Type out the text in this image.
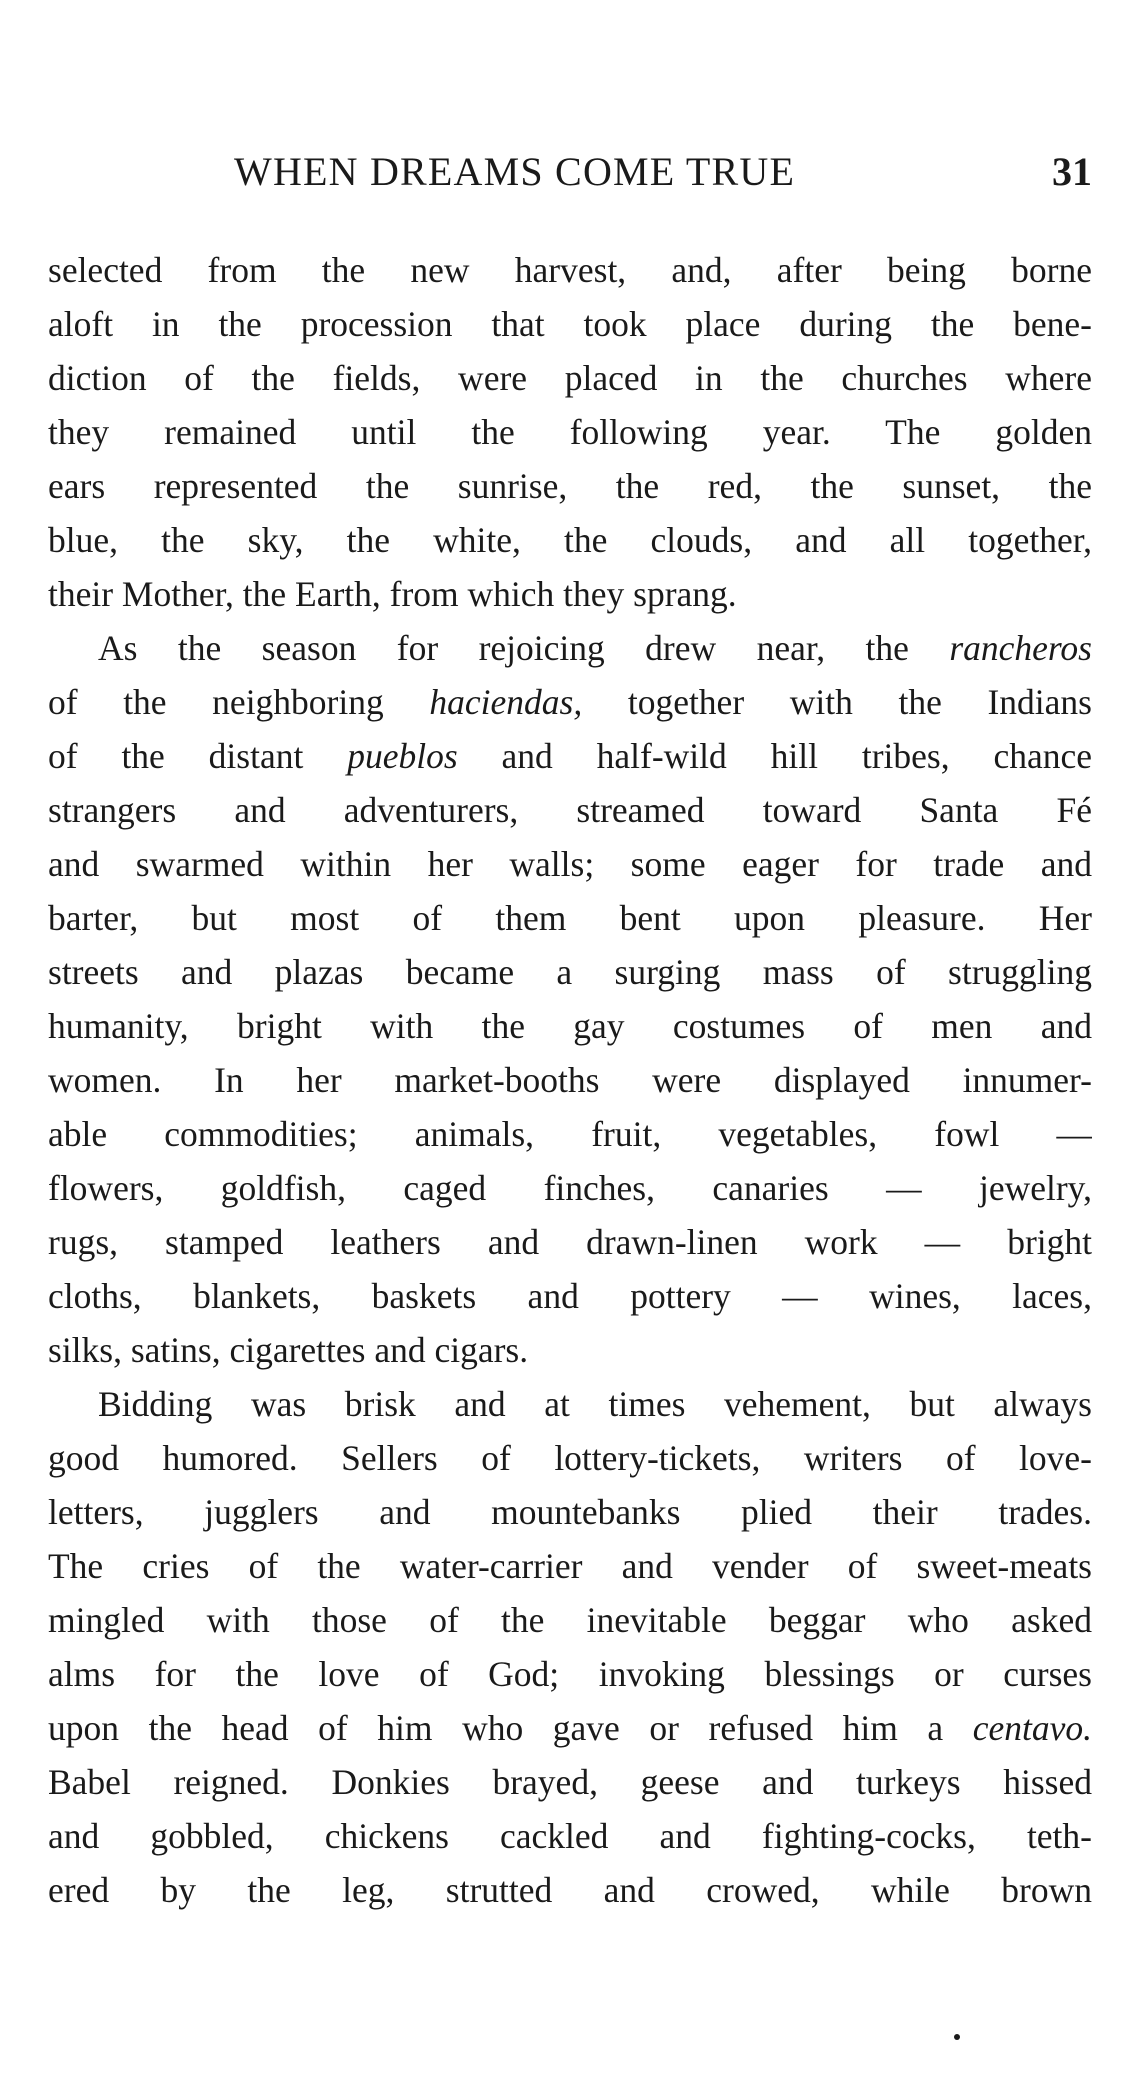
WHEN DREAMS COME TRUE	31
selected from the new harvest, and, after being borne
aloft in the procession that took place during the bene-
diction of the fields, were placed in the churches where
they remained until the following year. The golden
ears represented the sunrise, the red, the sunset, the
blue, the sky, the white, the clouds, and all together,
their Mother, the Earth, from which they sprang.
As the season for rejoicing drew near, the rancheros
of the neighboring haciendas, together with the Indians
of the distant pueblos and half-wild hill tribes, chance
strangers and adventurers, streamed toward Santa Fé
and swarmed within her walls; some eager for trade and
barter, but most of them bent upon pleasure. Her
streets and plazas became a surging mass of struggling
humanity, bright with the gay costumes of men and
women. In her market-booths were displayed innumer-
able commodities; animals, fruit, vegetables, fowl —
flowers, goldfish, caged finches, canaries — jewelry,
rugs, stamped leathers and drawn-linen work — bright
cloths, blankets, baskets and pottery — wines, laces,
silks, satins, cigarettes and cigars.
Bidding was brisk and at times vehement, but always
good humored. Sellers of lottery-tickets, writers of love-
letters, jugglers and mountebanks plied their trades.
The cries of the water-carrier and vender of sweet-meats
mingled with those of the inevitable beggar who asked
alms for the love of God; invoking blessings or curses
upon the head of him who gave or refused him a centavo.
Babel reigned. Donkies brayed, geese and turkeys hissed
and gobbled, chickens cackled and fighting-cocks, teth-
ered by the leg, strutted and crowed, while brown
